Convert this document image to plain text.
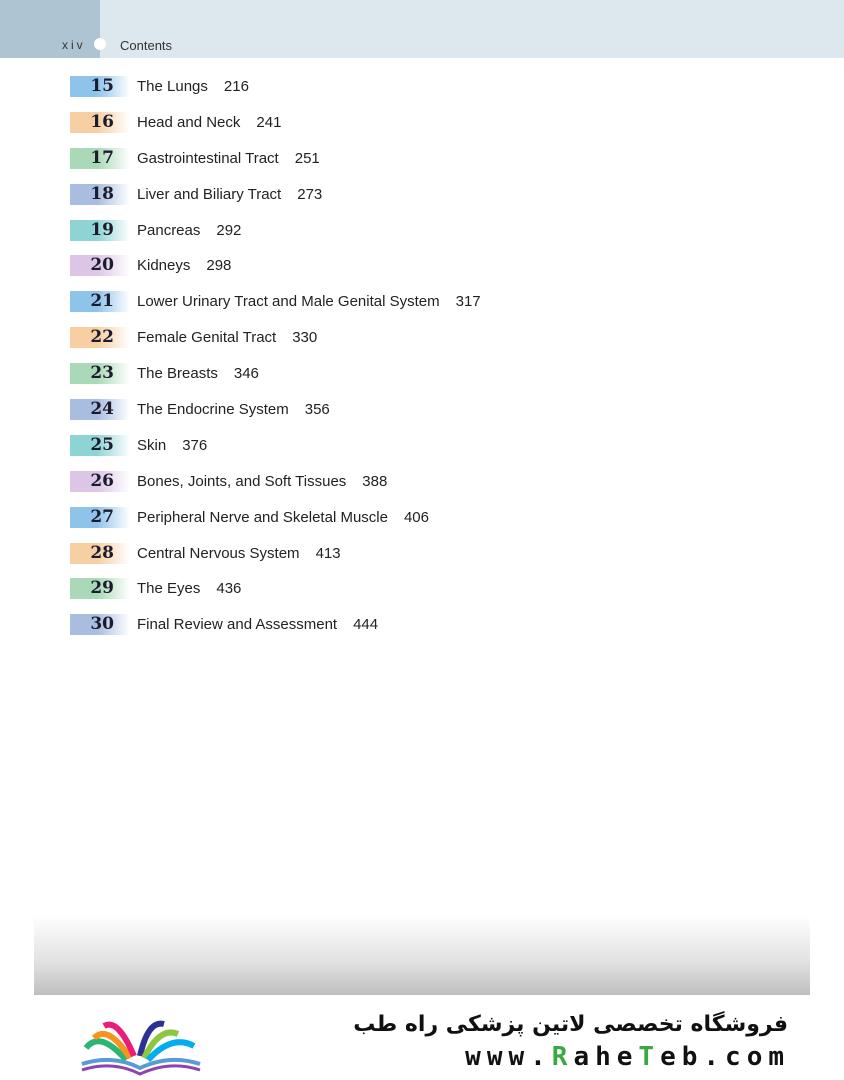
xiv	Contents
15 The Lungs 216
16 Head and Neck 241
17 Gastrointestinal Tract 251
18 Liver and Biliary Tract 273
19 Pancreas 292
20 Kidneys 298
21 Lower Urinary Tract and Male Genital System 317
22 Female Genital Tract 330
23 The Breasts 346
24 The Endocrine System 356
25 Skin 376
26 Bones, Joints, and Soft Tissues 388
27 Peripheral Nerve and Skeletal Muscle 406
28 Central Nervous System 413
29 The Eyes 436
30 Final Review and Assessment 444
فروشگاه تخصصی لاتین پزشکی راه طب
www.RaheTeb.com
